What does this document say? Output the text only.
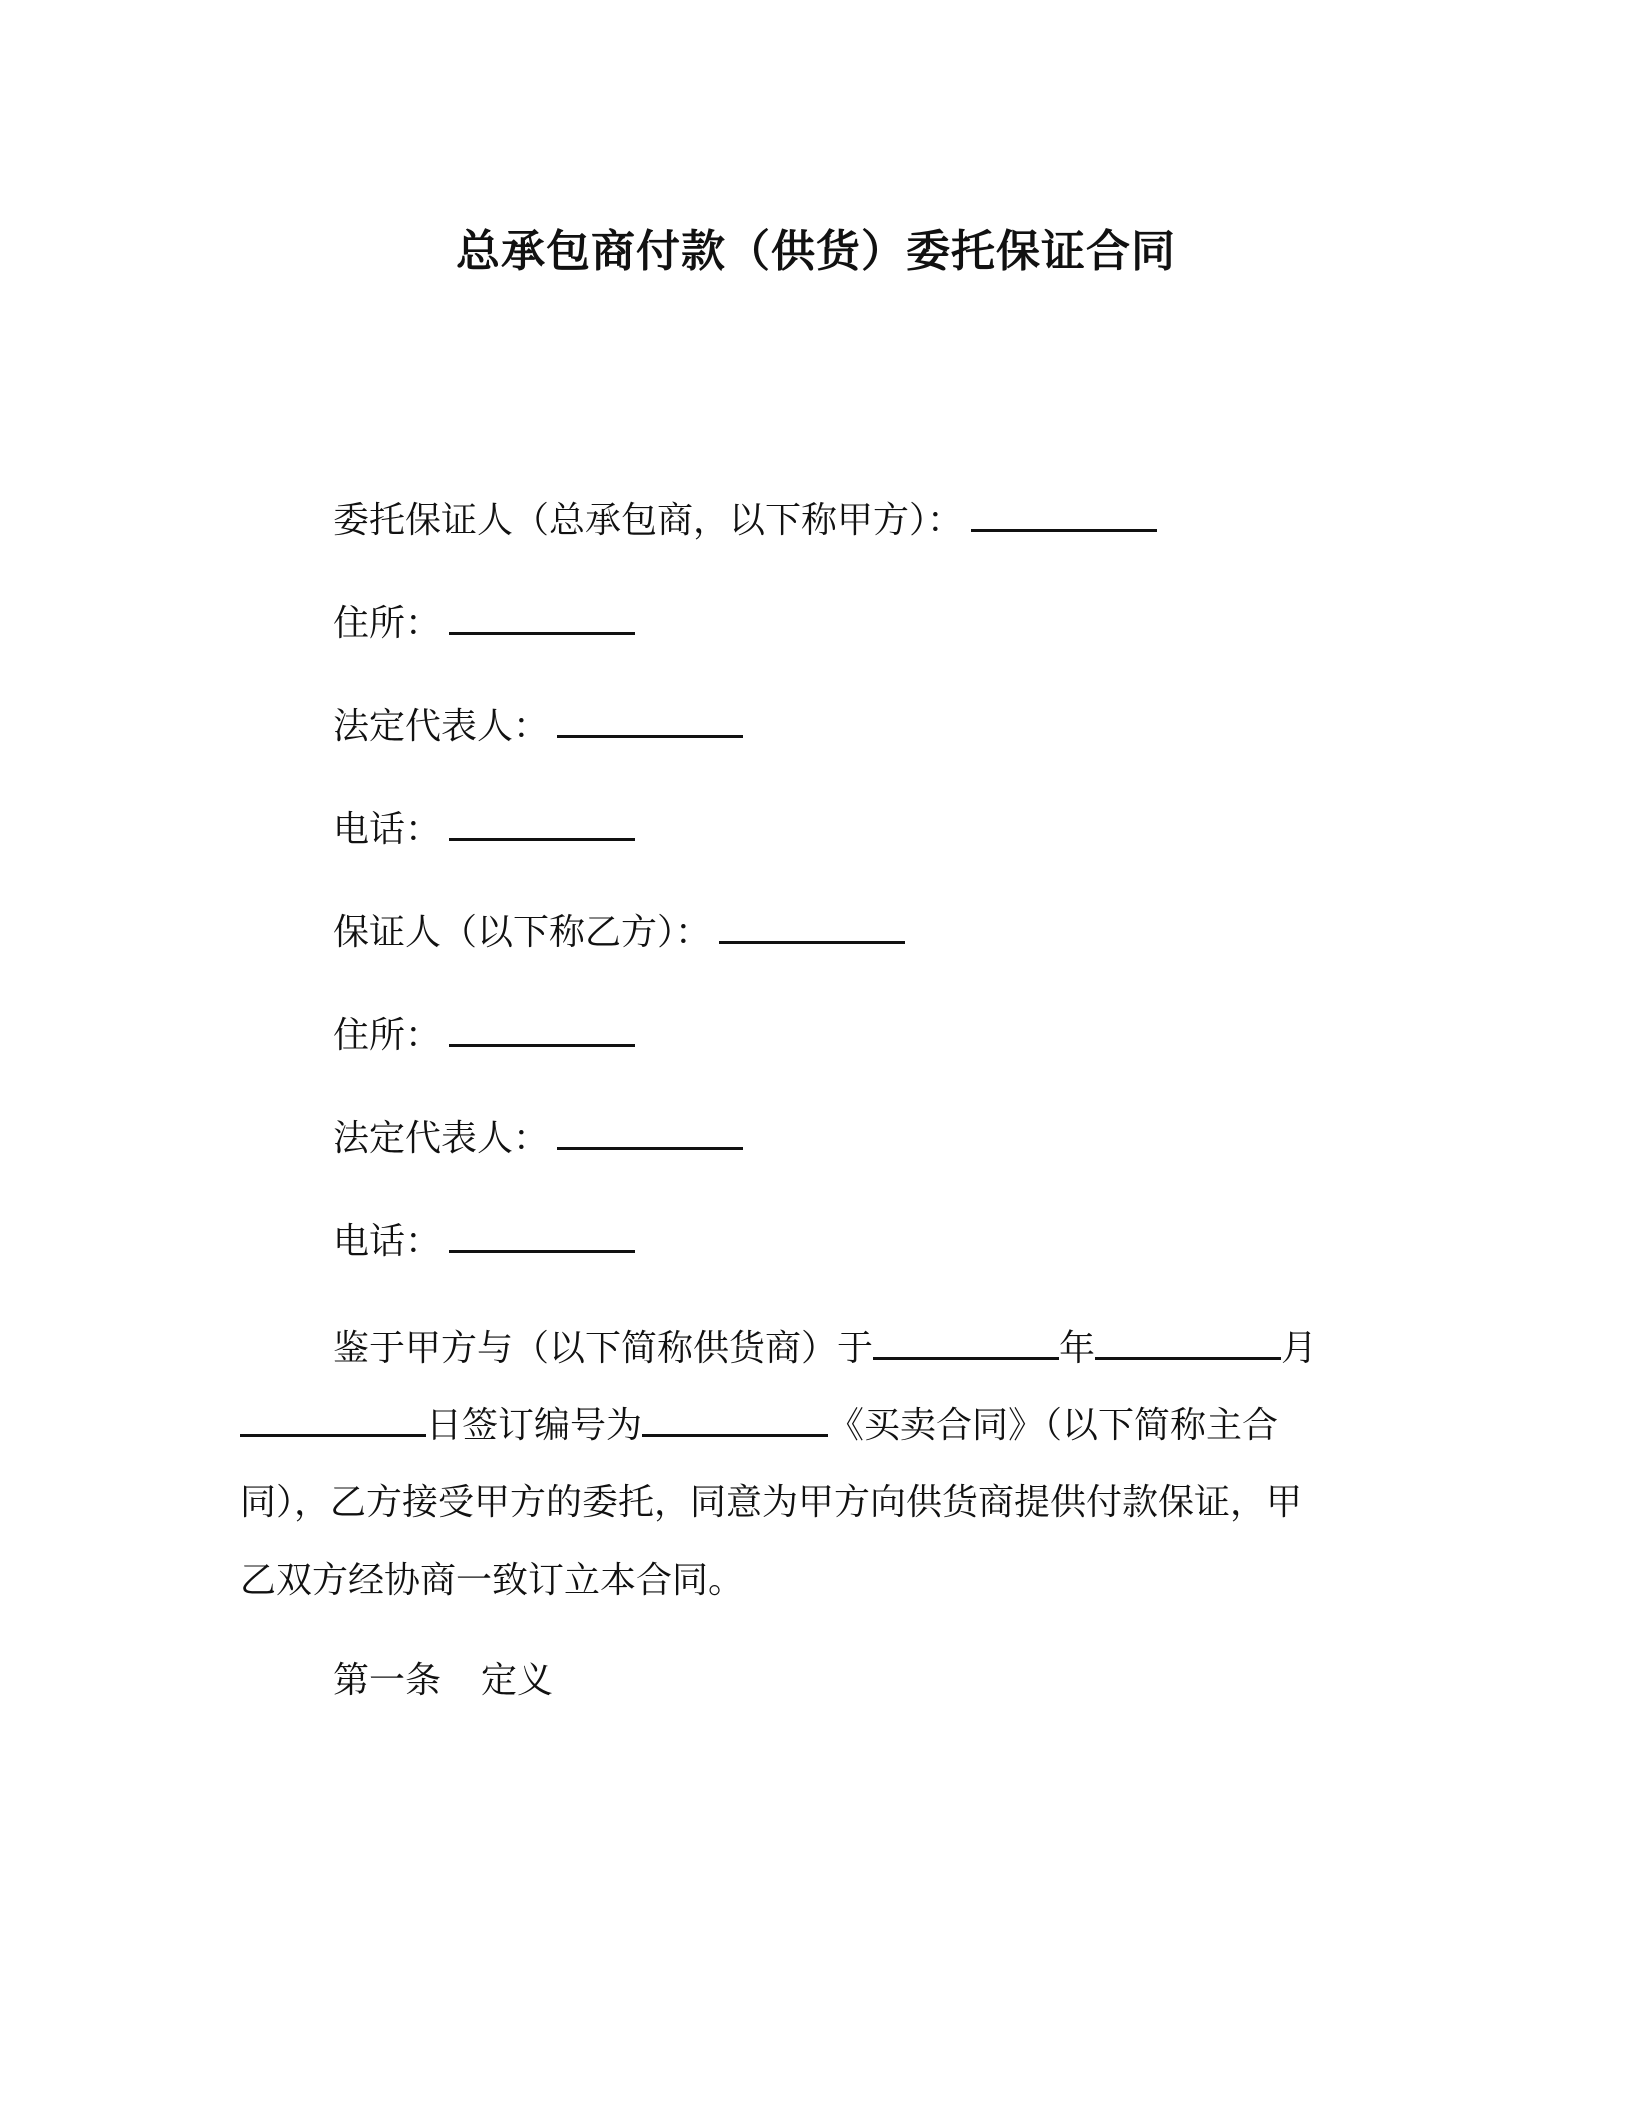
总承包商付款（供货）委托保证合同
委托保证人（总承包商，以下称甲方）：
住所：
法定代表人：
电话：
保证人（以下称乙方）：
住所：
法定代表人：
电话：
鉴于甲方与（以下简称供货商）于	年	月
日签订编号为	《买卖合同》（以下简称主合
同），乙方接受甲方的委托，同意为甲方向供货商提供付款保证，甲
乙双方经协商一致订立本合同。
第一条 定义
